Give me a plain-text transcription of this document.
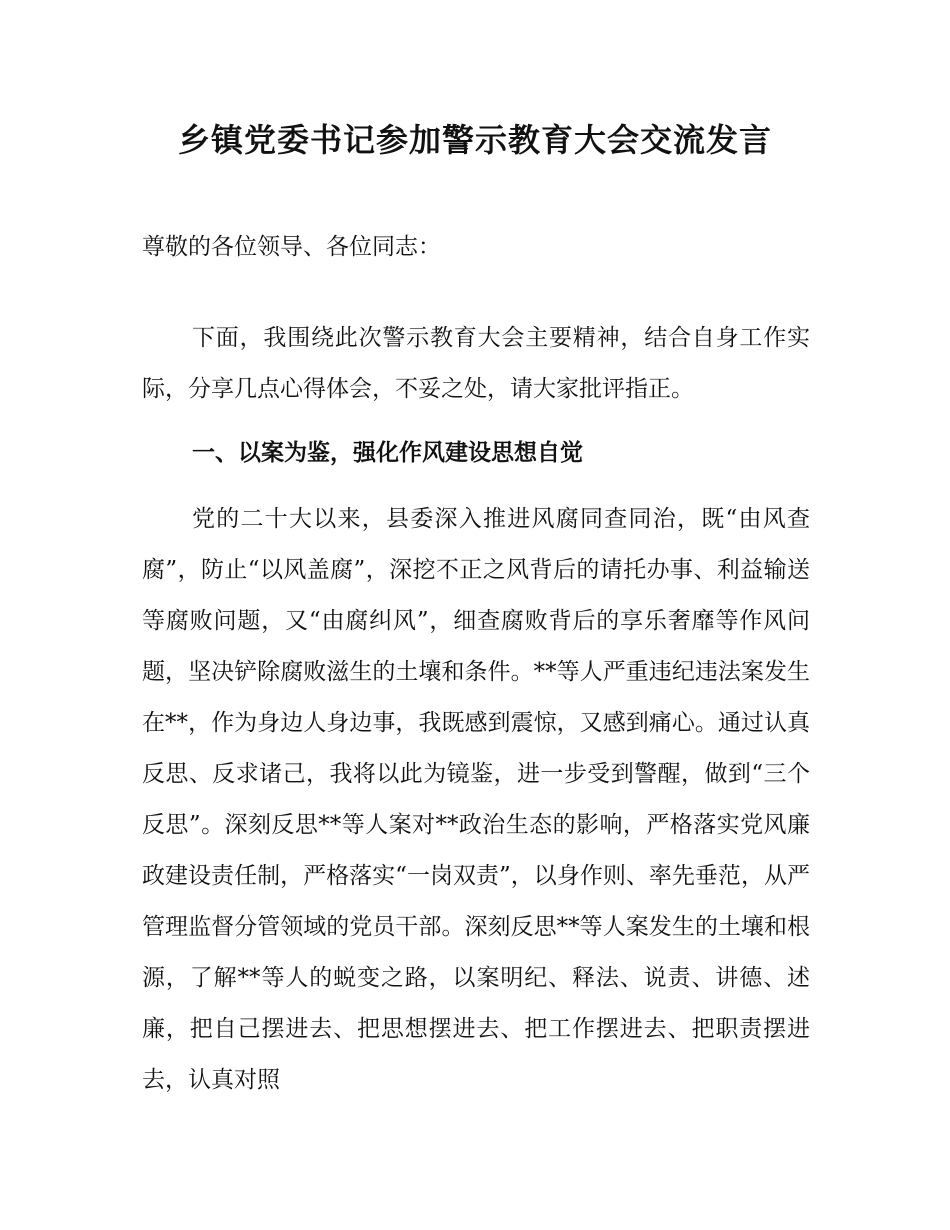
乡镇党委书记参加警示教育大会交流发言

尊敬的各位领导、各位同志：

下面，我围绕此次警示教育大会主要精神，结合自身工作实际，分享几点心得体会，不妥之处，请大家批评指正。

一、以案为鉴，强化作风建设思想自觉

党的二十大以来，县委深入推进风腐同查同治，既“由风查腐”，防止“以风盖腐”，深挖不正之风背后的请托办事、利益输送等腐败问题，又“由腐纠风”，细查腐败背后的享乐奢靡等作风问题，坚决铲除腐败滋生的土壤和条件。**等人严重违纪违法案发生在**，作为身边人身边事，我既感到震惊，又感到痛心。通过认真反思、反求诸己，我将以此为镜鉴，进一步受到警醒，做到“三个反思”。深刻反思**等人案对**政治生态的影响，严格落实党风廉政建设责任制，严格落实“一岗双责”，以身作则、率先垂范，从严管理监督分管领域的党员干部。深刻反思**等人案发生的土壤和根源，了解**等人的蜕变之路，以案明纪、释法、说责、讲德、述廉，把自己摆进去、把思想摆进去、把工作摆进去、把职责摆进去，认真对照
